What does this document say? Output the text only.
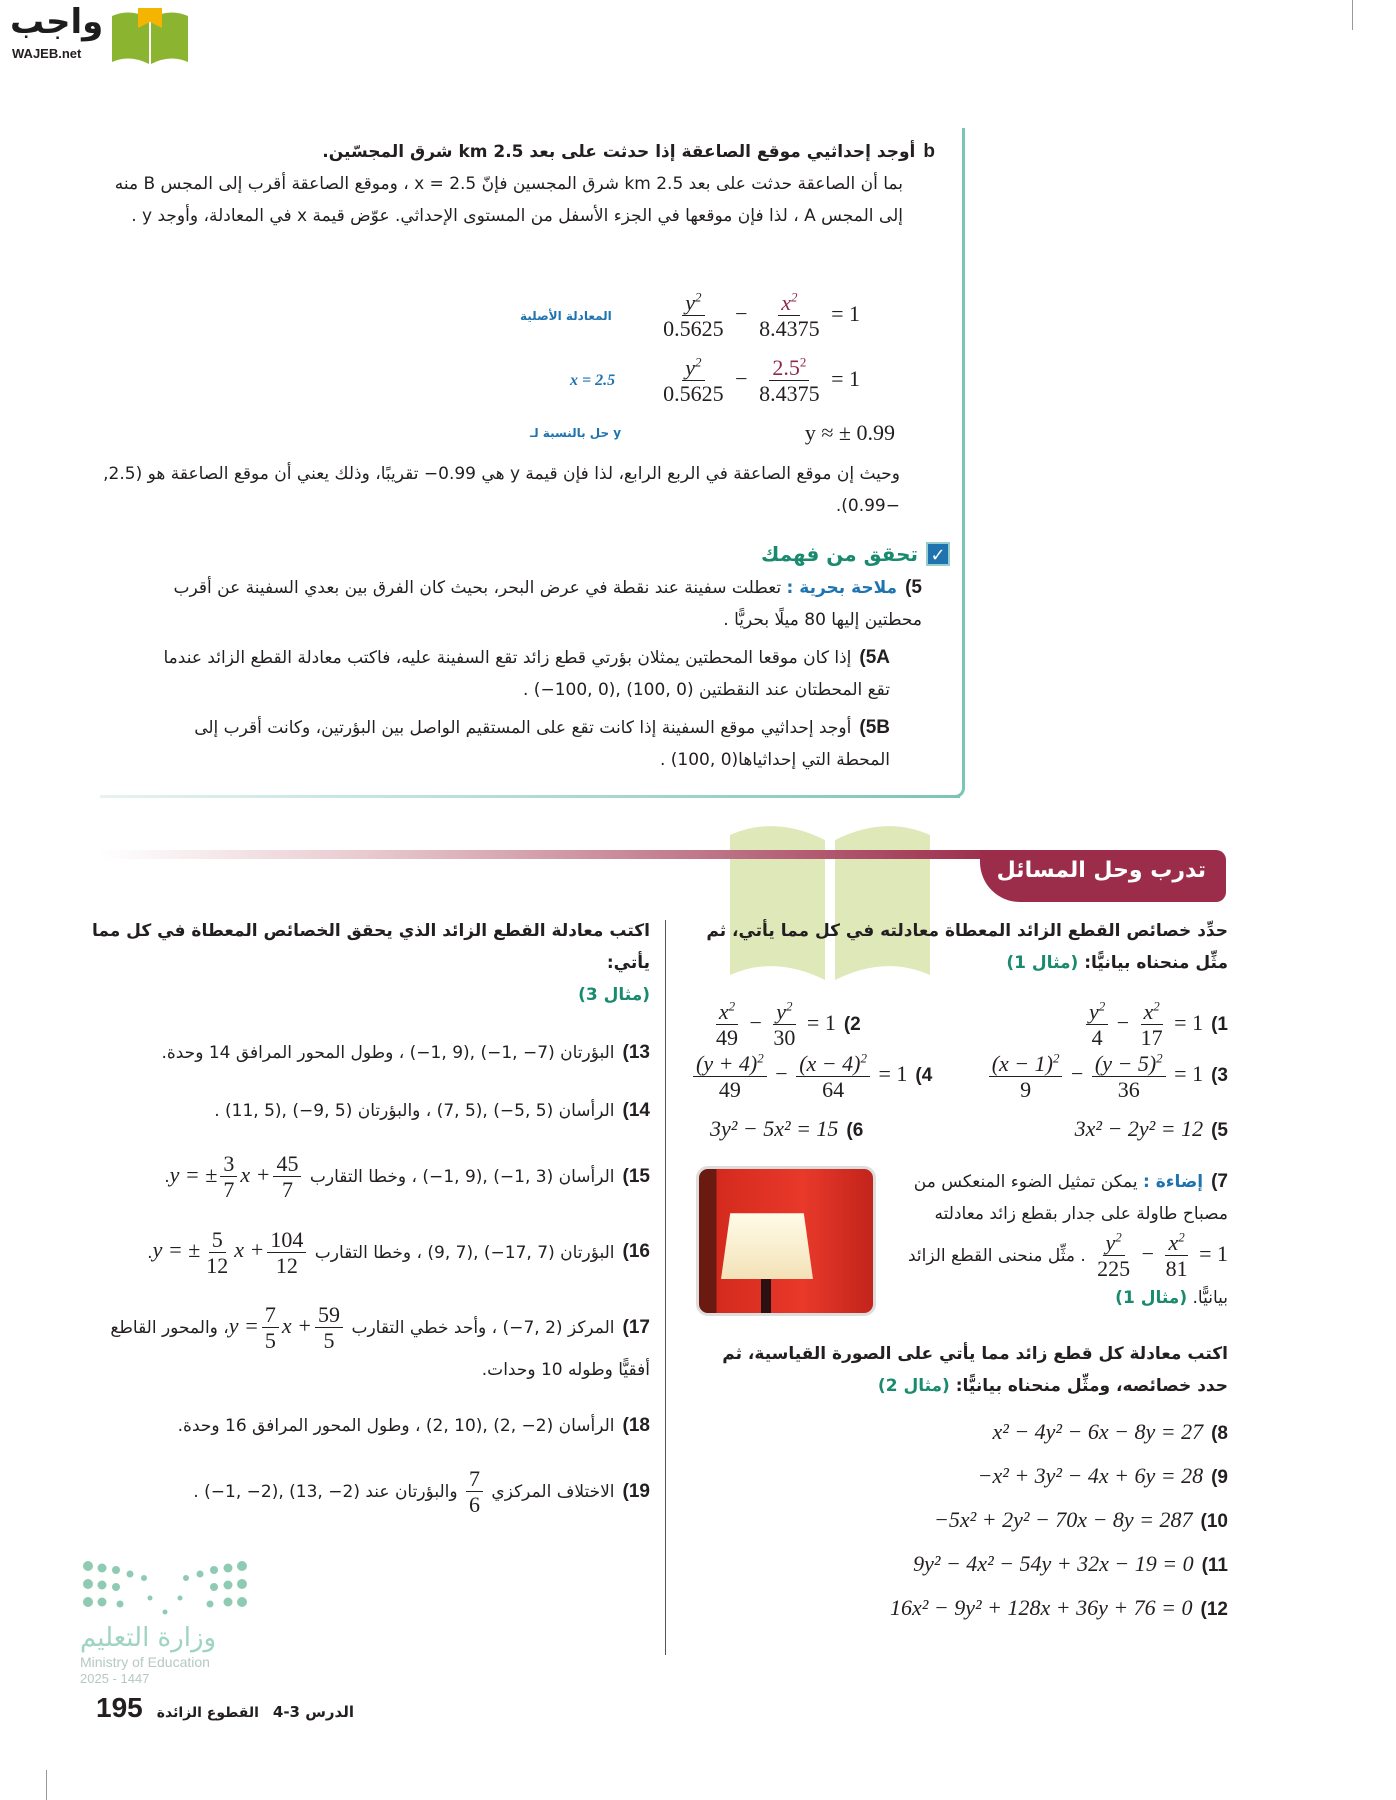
واجب
WAJEB.net
bأوجد إحداثيي موقع الصاعقة إذا حدثت على بعد 2.5 km شرق المجسّين.
بما أن الصاعقة حدثت على بعد 2.5 km شرق المجسين فإنّ x = 2.5 ، وموقع الصاعقة أقرب إلى المجس B منه إلى المجس A ، لذا فإن موقعها في الجزء الأسفل من المستوى الإحداثي. عوّض قيمة x في المعادلة، وأوجد y .
المعادلة الأصلية $\frac{y^2}{0.5625} - \frac{x^2}{8.4375} = 1$
$x = 2.5 \frac{y^2}{0.5625} - \frac{2.5^2}{8.4375} = 1$
حل بالنسبة لـ y	y ≈ ± 0.99
وحيث إن موقع الصاعقة في الربع الرابع، لذا فإن قيمة y هي 0.99− تقريبًا، وذلك يعني أن موقع الصاعقة هو (2.5, −0.99).
✓
تحقق من فهمك
5)ملاحة بحرية : تعطلت سفينة عند نقطة في عرض البحر، بحيث كان الفرق بين بعدي السفينة عن أقرب محطتين إليها 80 ميلًا بحريًّا .
5A)إذا كان موقعا المحطتين يمثلان بؤرتي قطع زائد تقع السفينة عليه، فاكتب معادلة القطع الزائد عندما تقع المحطتان عند النقطتين (0 ,100) ,(0 ,100−) .
5B)أوجد إحداثيي موقع السفينة إذا كانت تقع على المستقيم الواصل بين البؤرتين، وكانت أقرب إلى المحطة التي إحداثياها(0 ,100) .
تدرب وحل المسائل
حدِّد خصائص القطع الزائد المعطاة معادلته في كل مما يأتي، ثم مثِّل منحناه بيانيًّا: (مثال 1)
1)
$\frac{y^2}{4} - \frac{x^2}{17} = 1$
2)
$\frac{x^2}{49} - \frac{y^2}{30} = 1$
3)
$\frac{(x - 1)^2}{9} - \frac{(y - 5)^2}{36} = 1$
4)
$\frac{(y + 4)^2}{49} - \frac{(x - 4)^2}{64} = 1$
5)3x² − 2y² = 12
6)3y² − 5x² = 15
7)إضاءة : يمكن تمثيل الضوء المنعكس من مصباح طاولة على جدار بقطع زائد معادلته
$\frac{y^2}{225} - \frac{x^2}{81} = 1$ . مثِّل منحنى القطع الزائد بيانيًّا. (مثال 1)
اكتب معادلة كل قطع زائد مما يأتي على الصورة القياسية، ثم حدد خصائصه، ومثِّل منحناه بيانيًّا: (مثال 2)
8)x² − 4y² − 6x − 8y = 27
9)−x² + 3y² − 4x + 6y = 28
10)−5x² + 2y² − 70x − 8y = 287
11)9y² − 4x² − 54y + 32x − 19 = 0
12)16x² − 9y² + 128x + 36y + 76 = 0
اكتب معادلة القطع الزائد الذي يحقق الخصائص المعطاة في كل مما يأتي:
(مثال 3)
13)البؤرتان (7− ,1−) ,(9 ,1−) ، وطول المحور المرافق 14 وحدة.
14)الرأسان (5 ,5−) ,(5 ,7) ، والبؤرتان (5 ,9−) ,(5 ,11) .
15)الرأسان (3 ,1−) ,(9 ,1−) ، وخطا التقارب y = ± $\frac{3}{7}$ $x + \frac{45}{7}$
.
16)البؤرتان (7 ,17−) ,(7 ,9) ، وخطا التقارب y = ± $\frac{5}{12}$ $x + \frac{104}{12}$
.
17)المركز (2 ,7−) ، وأحد خطي التقارب $y = \frac{7}{5}$ $x + \frac{59}{5}$
، والمحور القاطع أفقيًّا وطوله 10 وحدات.
18)الرأسان (2− ,2) ,(10 ,2) ، وطول المحور المرافق 16 وحدة.
19)الاختلاف المركزي
$\frac{7}{6}$
والبؤرتان عند (2− ,13) ,(2− ,1−) .
وزارة التعليم
Ministry of Education
2025 - 1447
195 القطوع الزائدة الدرس 3-4
